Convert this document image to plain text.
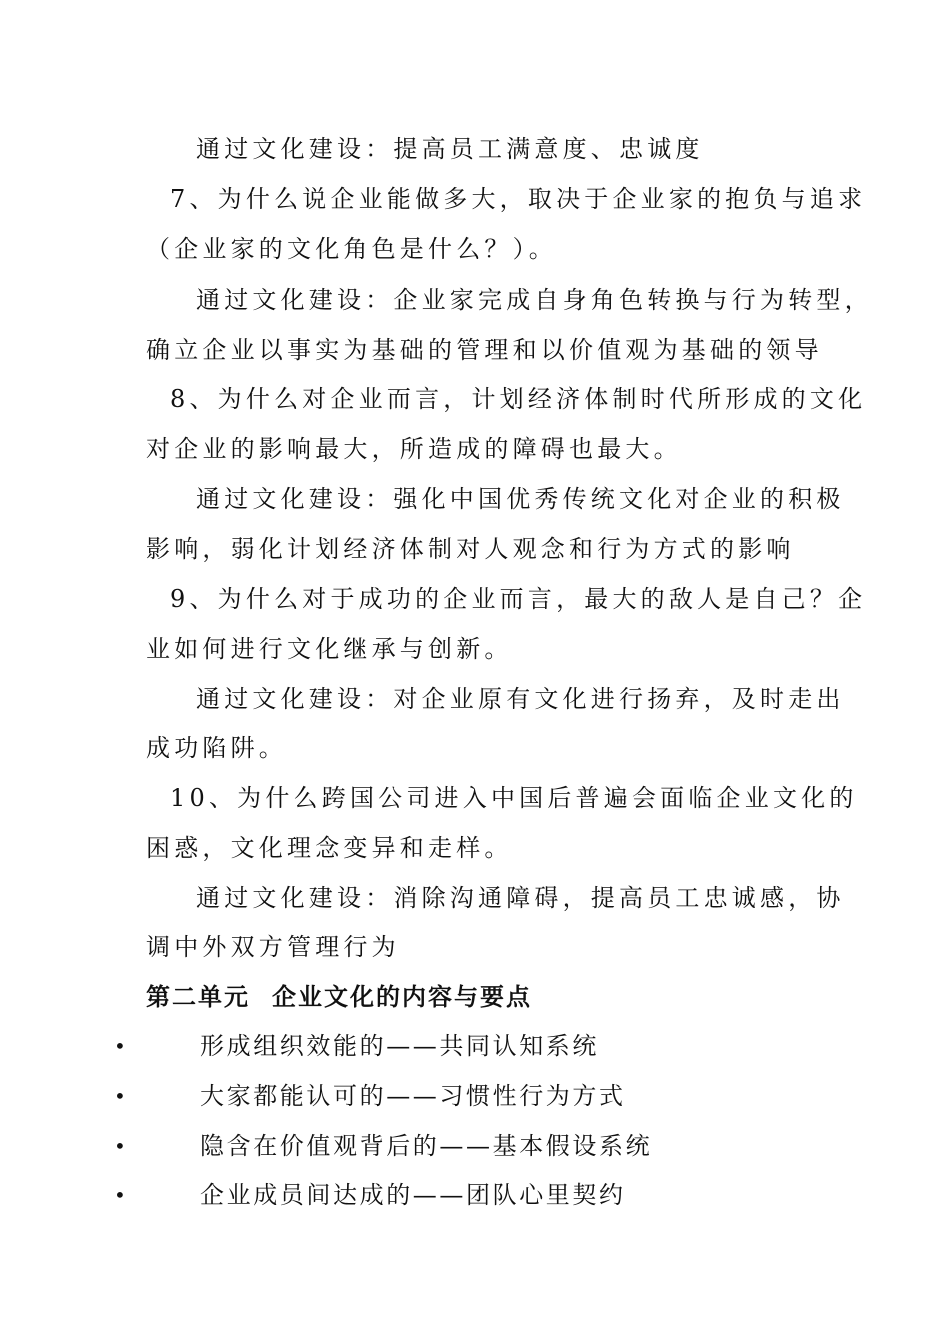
通过文化建设：提高员工满意度、忠诚度
7、为什么说企业能做多大，取决于企业家的抱负与追求
（企业家的文化角色是什么？）。
通过文化建设：企业家完成自身角色转换与行为转型，
确立企业以事实为基础的管理和以价值观为基础的领导
8、为什么对企业而言，计划经济体制时代所形成的文化
对企业的影响最大，所造成的障碍也最大。
通过文化建设：强化中国优秀传统文化对企业的积极
影响，弱化计划经济体制对人观念和行为方式的影响
9、为什么对于成功的企业而言，最大的敌人是自己？企
业如何进行文化继承与创新。
通过文化建设：对企业原有文化进行扬弃，及时走出
成功陷阱。
10、为什么跨国公司进入中国后普遍会面临企业文化的
困惑，文化理念变异和走样。
通过文化建设：消除沟通障碍，提高员工忠诚感，协
调中外双方管理行为
第二单元 企业文化的内容与要点
•	形成组织效能的——共同认知系统
•	大家都能认可的——习惯性行为方式
•	隐含在价值观背后的——基本假设系统
•	企业成员间达成的——团队心里契约
